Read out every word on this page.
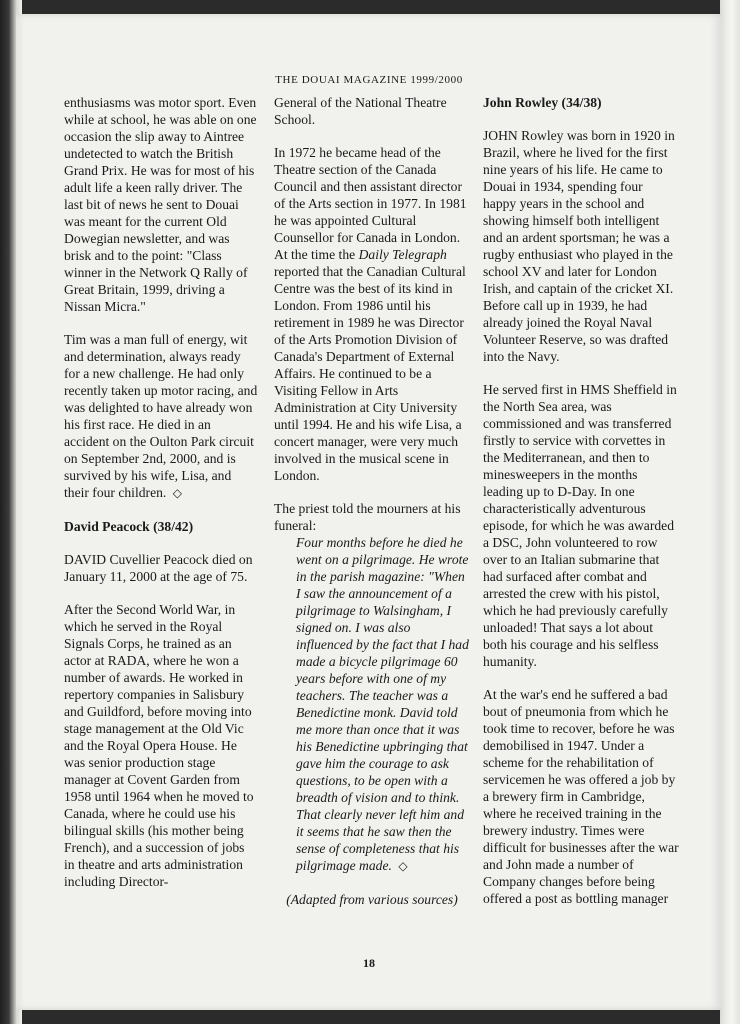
THE DOUAI MAGAZINE 1999/2000

enthusiasms was motor sport. Even while at school, he was able on one occasion the slip away to Aintree undetected to watch the British Grand Prix. He was for most of his adult life a keen rally driver. The last bit of news he sent to Douai was meant for the current Old Dowegian newsletter, and was brisk and to the point: "Class winner in the Network Q Rally of Great Britain, 1999, driving a Nissan Micra."

Tim was a man full of energy, wit and determination, always ready for a new challenge. He had only recently taken up motor racing, and was delighted to have already won his first race. He died in an accident on the Oulton Park circuit on September 2nd, 2000, and is survived by his wife, Lisa, and their four children. ◇

David Peacock (38/42)

DAVID Cuvellier Peacock died on January 11, 2000 at the age of 75.

After the Second World War, in which he served in the Royal Signals Corps, he trained as an actor at RADA, where he won a number of awards. He worked in repertory companies in Salisbury and Guildford, before moving into stage management at the Old Vic and the Royal Opera House. He was senior production stage manager at Covent Garden from 1958 until 1964 when he moved to Canada, where he could use his bilingual skills (his mother being French), and a succession of jobs in theatre and arts administration including Director-

General of the National Theatre School.

In 1972 he became head of the Theatre section of the Canada Council and then assistant director of the Arts section in 1977. In 1981 he was appointed Cultural Counsellor for Canada in London. At the time the Daily Telegraph reported that the Canadian Cultural Centre was the best of its kind in London. From 1986 until his retirement in 1989 he was Director of the Arts Promotion Division of Canada's Department of External Affairs. He continued to be a Visiting Fellow in Arts Administration at City University until 1994. He and his wife Lisa, a concert manager, were very much involved in the musical scene in London.

The priest told the mourners at his funeral:

Four months before he died he went on a pilgrimage. He wrote in the parish magazine: "When I saw the announcement of a pilgrimage to Walsingham, I signed on. I was also influenced by the fact that I had made a bicycle pilgrimage 60 years before with one of my teachers. The teacher was a Benedictine monk. David told me more than once that it was his Benedictine upbringing that gave him the courage to ask questions, to be open with a breadth of vision and to think. That clearly never left him and it seems that he saw then the sense of completeness that his pilgrimage made. ◇

(Adapted from various sources)

John Rowley (34/38)

JOHN Rowley was born in 1920 in Brazil, where he lived for the first nine years of his life. He came to Douai in 1934, spending four happy years in the school and showing himself both intelligent and an ardent sportsman; he was a rugby enthusiast who played in the school XV and later for London Irish, and captain of the cricket XI. Before call up in 1939, he had already joined the Royal Naval Volunteer Reserve, so was drafted into the Navy.

He served first in HMS Sheffield in the North Sea area, was commissioned and was transferred firstly to service with corvettes in the Mediterranean, and then to minesweepers in the months leading up to D-Day. In one characteristically adventurous episode, for which he was awarded a DSC, John volunteered to row over to an Italian submarine that had surfaced after combat and arrested the crew with his pistol, which he had previously carefully unloaded! That says a lot about both his courage and his selfless humanity.

At the war's end he suffered a bad bout of pneumonia from which he took time to recover, before he was demobilised in 1947. Under a scheme for the rehabilitation of servicemen he was offered a job by a brewery firm in Cambridge, where he received training in the brewery industry. Times were difficult for businesses after the war and John made a number of Company changes before being offered a post as bottling manager

18
